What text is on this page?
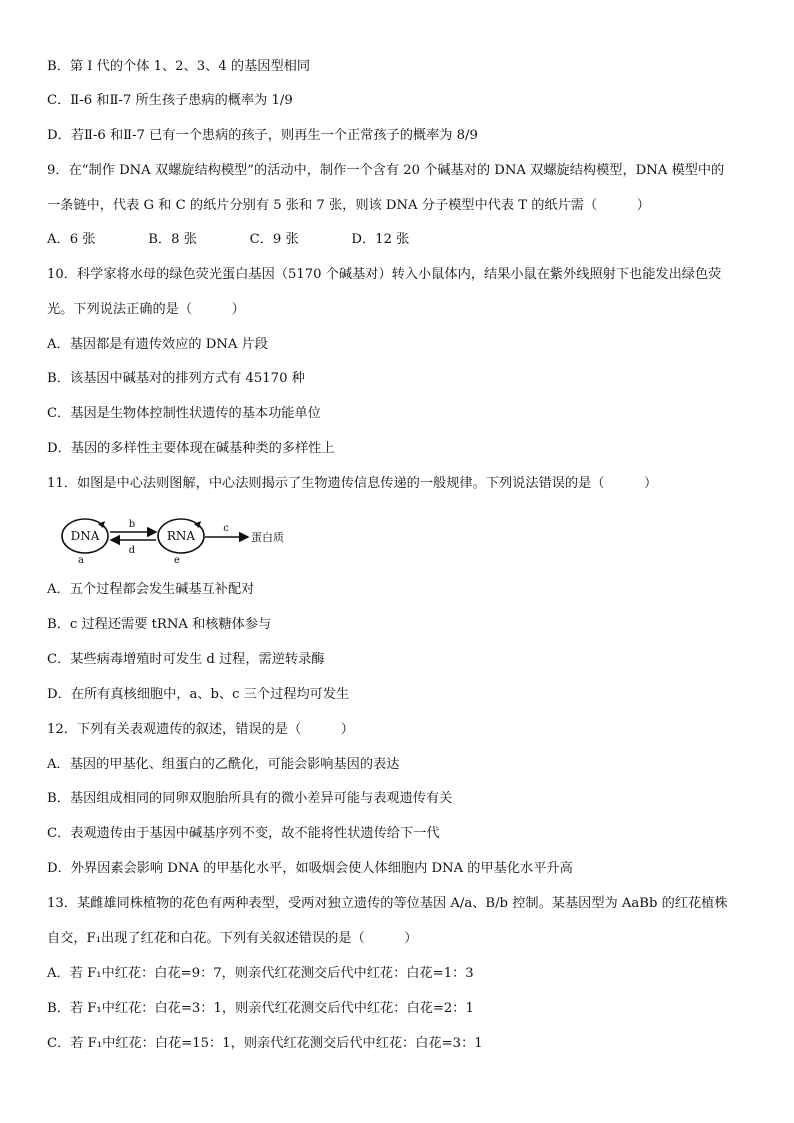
B．第 I 代的个体 1、2、3、4 的基因型相同
C．Ⅱ-6 和Ⅱ-7 所生孩子患病的概率为 1/9
D．若Ⅱ-6 和Ⅱ-7 已有一个患病的孩子，则再生一个正常孩子的概率为 8/9
9．在“制作 DNA 双螺旋结构模型”的活动中，制作一个含有 20 个碱基对的 DNA 双螺旋结构模型，DNA 模型中的
一条链中，代表 G 和 C 的纸片分别有 5 张和 7 张，则该 DNA 分子模型中代表 T 的纸片需（　　　）
A．6 张　　　　B．8 张　　　　C．9 张　　　　D．12 张
10．科学家将水母的绿色荧光蛋白基因（5170 个碱基对）转入小鼠体内，结果小鼠在紫外线照射下也能发出绿色荧
光。下列说法正确的是（　　　）
A．基因都是有遗传效应的 DNA 片段
B．该基因中碱基对的排列方式有 45170 种
C．基因是生物体控制性状遗传的基本功能单位
D．基因的多样性主要体现在碱基种类的多样性上
11．如图是中心法则图解，中心法则揭示了生物遗传信息传递的一般规律。下列说法错误的是（　　　）
DNA
a
b
d
RNA
e
c
蛋白质
A．五个过程都会发生碱基互补配对
B．c 过程还需要 tRNA 和核糖体参与
C．某些病毒增殖时可发生 d 过程，需逆转录酶
D．在所有真核细胞中，a、b、c 三个过程均可发生
12．下列有关表观遗传的叙述，错误的是（　　　）
A．基因的甲基化、组蛋白的乙酰化，可能会影响基因的表达
B．基因组成相同的同卵双胞胎所具有的微小差异可能与表观遗传有关
C．表观遗传由于基因中碱基序列不变，故不能将性状遗传给下一代
D．外界因素会影响 DNA 的甲基化水平，如吸烟会使人体细胞内 DNA 的甲基化水平升高
13．某雌雄同株植物的花色有两种表型，受两对独立遗传的等位基因 A/a、B/b 控制。某基因型为 AaBb 的红花植株
自交，F₁出现了红花和白花。下列有关叙述错误的是（　　　）
A．若 F₁中红花：白花=9：7，则亲代红花测交后代中红花：白花=1：3
B．若 F₁中红花：白花=3：1，则亲代红花测交后代中红花：白花=2：1
C．若 F₁中红花：白花=15：1，则亲代红花测交后代中红花：白花=3：1
